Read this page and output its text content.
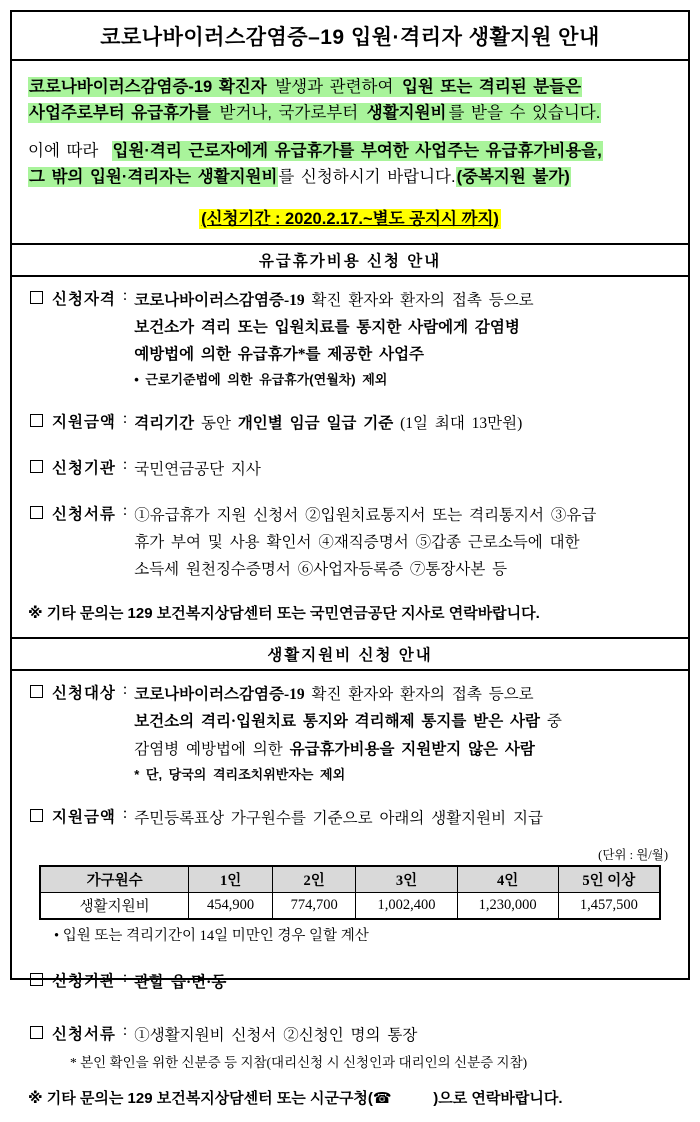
코로나바이러스감염증–19 입원·격리자 생활지원 안내
코로나바이러스감염증-19 확진자 발생과 관련하여 입원 또는 격리된 분들은
사업주로부터 유급휴가를 받거나, 국가로부터 생활지원비 를 받을 수 있습니다.
이에 따라  입원·격리 근로자에게 유급휴가를 부여한 사업주는 유급휴가비용을,
그 밖의 입원·격리자는 생활지원비를 신청하시기 바랍니다.(중복지원 불가)
(신청기간 : 2020.2.17.~별도 공지시 까지)
유급휴가비용 신청 안내
신청자격 : 코로나바이러스감염증-19 확진 환자와 환자의 접촉 등으로
보건소가 격리 또는 입원치료를 통지한 사람에게 감염병
예방법에 의한 유급휴가*를 제공한 사업주
• 근로기준법에 의한 유급휴가(연월차) 제외
지원금액 : 격리기간 동안 개인별 임금 일급 기준 (1일 최대 13만원)
신청기관 : 국민연금공단 지사
신청서류 : ①유급휴가 지원 신청서 ②입원치료통지서 또는 격리통지서 ③유급
휴가 부여 및 사용 확인서 ④재직증명서 ⑤갑종 근로소득에 대한
소득세 원천징수증명서 ⑥사업자등록증 ⑦통장사본 등
※ 기타 문의는 129 보건복지상담센터 또는 국민연금공단 지사로 연락바랍니다.
생활지원비 신청 안내
신청대상 : 코로나바이러스감염증-19 확진 환자와 환자의 접촉 등으로
보건소의 격리·입원치료 통지와 격리해제 통지를 받은 사람 중
감염병 예방법에 의한 유급휴가비용을 지원받지 않은 사람
* 단, 당국의 격리조치위반자는 제외
지원금액 : 주민등록표상 가구원수를 기준으로 아래의 생활지원비 지급
(단위 : 원/월)
가구원수	1인	2인	3인	4인	5인 이상
생활지원비	454,900	774,700	1,002,400	1,230,000	1,457,500
• 입원 또는 격리기간이 14일 미만인 경우 일할 계산
신청기관 : 관할 읍·면·동
신청서류 : ①생활지원비 신청서 ②신청인 명의 통장
* 본인 확인을 위한 신분증 등 지참(대리신청 시 신청인과 대리인의 신분증 지참)
※ 기타 문의는 129 보건복지상담센터 또는 시군구청(☎          )으로 연락바랍니다.
